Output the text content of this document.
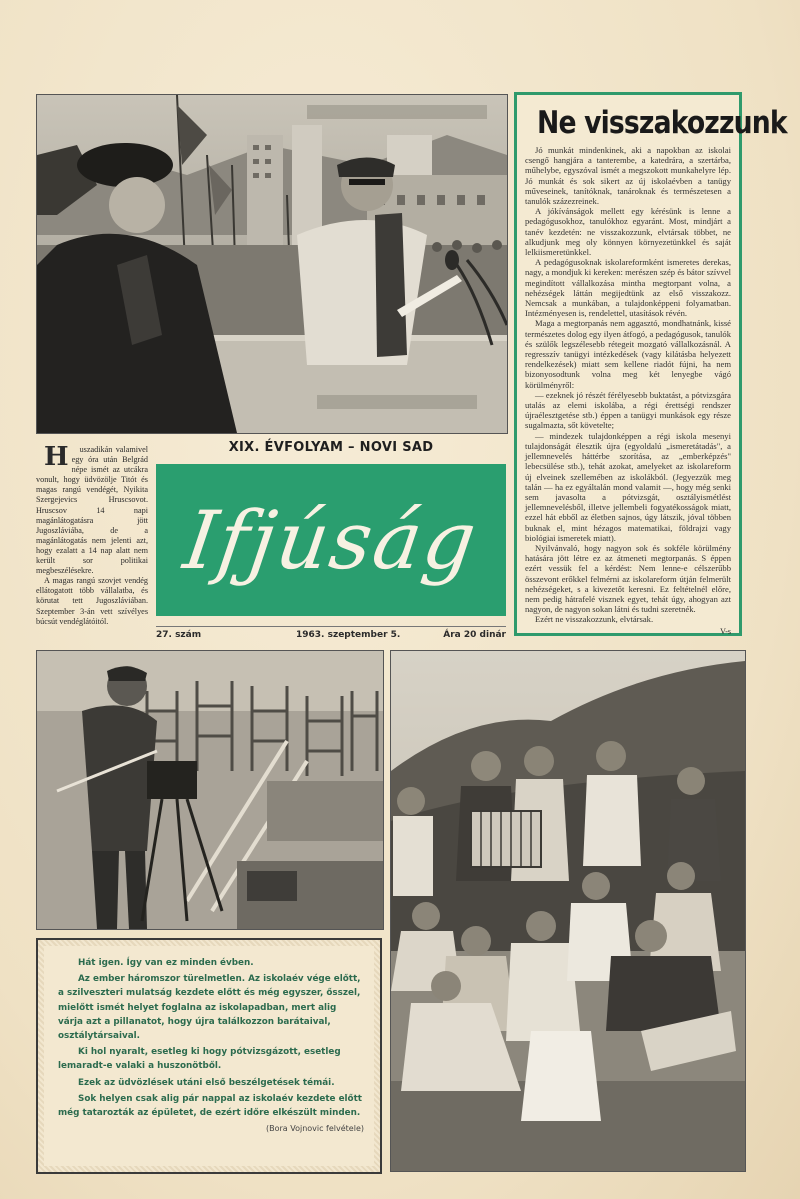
Ne visszakozzunk

Jó munkát mindenkinek, aki a napokban az iskolai csengő hangjára a tanterembe, a katedrára, a szertárba, műhelybe, egyszóval ismét a megszokott munkahelyre lép. Jó munkát és sok sikert az új iskolaévben a tanügy műveseinek, tanítóknak, tanároknak és természetesen a tanulók százezreinek.

A jókívánságok mellett egy kérésünk is lenne a pedagógusokhoz, tanulókhoz egyaránt. Most, mindjárt a tanév kezdetén: ne visszakozzunk, elvtársak többet, ne alkudjunk meg oly könnyen környezetünkkel és saját lelkiismeretünkkel.

A pedagógusoknak iskolareformként ismeretes derekas, nagy, a mondjuk ki kereken: merészen szép és bátor szívvel megindított vállalkozása mintha megtorpant volna, a nehézségek láttán megijedtünk az első visszakozz. Nemcsak a munkában, a tulajdonképpeni folyamatban. Intézményesen is, rendelettel, utasítások révén.

Maga a megtorpanás nem aggasztó, mondhatnánk, kissé természetes dolog egy ilyen átfogó, a pedagógusok, tanulók és szülők legszélesebb rétegeit mozgató vállalkozásnál. A regresszív tanügyi intézkedések (vagy kilátásba helyezett rendelkezések) miatt sem kellene riadót fújni, ha nem bizonyosodtunk volna meg két lenyegbe vágó körülményről:

— ezeknek jó részét férélyesebb buktatást, a pótvizsgára utalás az elemi iskolába, a régi érettségi rendszer újraélesztgetése stb.) éppen a tanügyi munkások egy része sugalmazta, sőt követelte;

— mindezek tulajdonképpen a régi iskola mesenyi tulajdonságát élesztik újra (egyoldalú „ismeretátadás", a jellemnevelés háttérbe szorítása, az „emberképzés" lebecsülése stb.), tehát azokat, amelyeket az iskolareform új elveinek szellemében az iskolákból. (Jegyezzük meg talán — ha ez egyáltalán mond valamit —, hogy még senki sem javasolta a pótvizsgát, osztályismétlést jellemnevelésből, illetve jellembeli fogyatékosságok miatt, ezzel hát ebből az életben sajnos, úgy látszik, jóval többen buknak el, mint hézagos matematikai, földrajzi vagy biológiai ismeretek miatt).

Nyilvánvaló, hogy nagyon sok és sokféle körülmény hatására jött létre ez az átmeneti megtorpanás. S éppen ezért vessük fel a kérdést: Nem lenne-e célszerűbb összevont erőkkel felmérni az iskolareform útján felmerült nehézségeket, s a kivezetőt keresni. Ez feltételnél előre, nem pedig hátrafelé visznek egyet, tehát úgy, ahogyan azt nagyon, de nagyon sokan látni és tudni szeretnék.

Ezért ne visszakozzunk, elvtársak.

V-s

H uszadikán valamivel egy óra után Belgrád népe ismét az utcákra vonult, hogy üdvözölje Titót és magas rangú vendégét, Nyikita Szergejevics Hruscsovot. Hruscsov 14 napi magánlátogatásra jött Jugoszláviába, de a magánlátogatás nem jelenti azt, hogy ezalatt a 14 nap alatt nem került sor politikai megbeszélésekre.

A magas rangú szovjet vendég ellátogatott több vállalatba, és körutat tett Jugoszláviában. Szeptember 3-án vett szívélyes búcsút vendéglátóitól.

XIX. ÉVFOLYAM – NOVI SAD
Ifjúság
27. szám	1963. szeptember 5.	Ára 20 dinár

Hát igen. Így van ez minden évben.

Az ember háromszor türelmetlen. Az iskolaév vége előtt, a szilveszteri mulatság kezdete előtt és még egyszer, ősszel, mielőtt ismét helyet foglalna az iskolapadban, mert alig várja azt a pillanatot, hogy újra találkozzon barátaival, osztálytársaival.

Ki hol nyaralt, esetleg ki hogy pótvizsgázott, esetleg lemaradt-e valaki a huszonötből.

Ezek az üdvözlések utáni első beszélgetések témái.

Sok helyen csak alig pár nappal az iskolaév kezdete előtt még tatarozták az épületet, de ezért időre elkészült minden.

(Bora Vojnovic felvétele)
